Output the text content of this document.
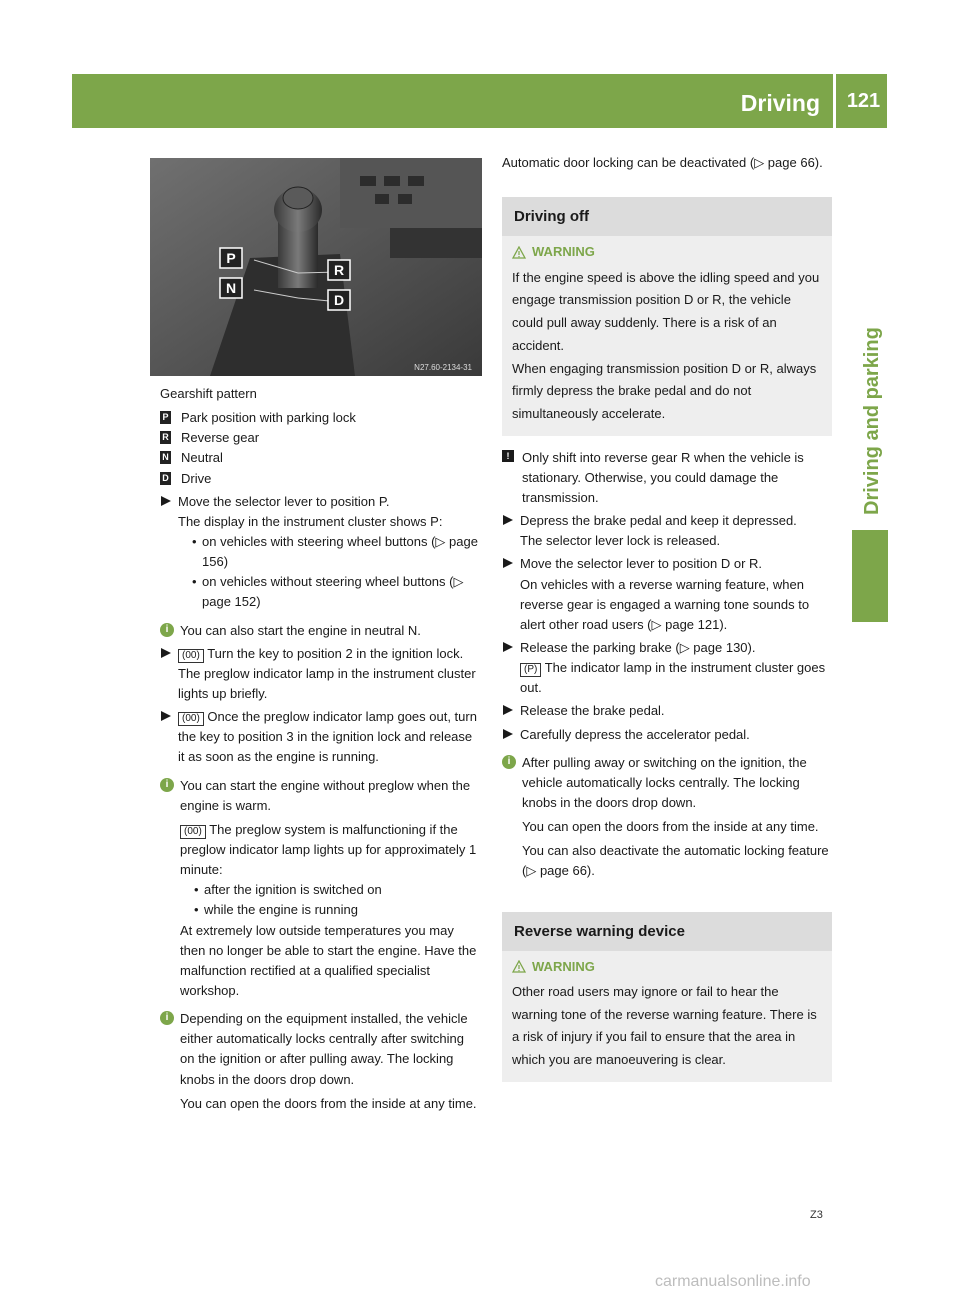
Driving	121
Driving and parking
P
R
N
D
N27.60-2134-31

Gearshift pattern

P Park position with parking lock
R Reverse gear
N Neutral
D Drive
Move the selector lever to position P.
The display in the instrument cluster shows P:
• on vehicles with steering wheel buttons (▷ page 156)
• on vehicles without steering wheel buttons (▷ page 152)
i You can also start the engine in neutral N.
(00) Turn the key to position 2 in the ignition lock. The preglow indicator lamp in the instrument cluster lights up briefly.
(00) Once the preglow indicator lamp goes out, turn the key to position 3 in the ignition lock and release it as soon as the engine is running.
i You can start the engine without preglow when the engine is warm.
(00) The preglow system is malfunctioning if the preglow indicator lamp lights up for approximately 1 minute:
• after the ignition is switched on
• while the engine is running
At extremely low outside temperatures you may then no longer be able to start the engine. Have the malfunction rectified at a qualified specialist workshop.
i Depending on the equipment installed, the vehicle either automatically locks centrally after switching on the ignition or after pulling away. The locking knobs in the doors drop down.
You can open the doors from the inside at any time.

Automatic door locking can be deactivated (▷ page 66).

Driving off
WARNING

If the engine speed is above the idling speed and you engage transmission position D or R, the vehicle could pull away suddenly. There is a risk of an accident.

When engaging transmission position D or R, always firmly depress the brake pedal and do not simultaneously accelerate.

! Only shift into reverse gear R when the vehicle is stationary. Otherwise, you could damage the transmission.
Depress the brake pedal and keep it depressed.
The selector lever lock is released.
Move the selector lever to position D or R.
On vehicles with a reverse warning feature, when reverse gear is engaged a warning tone sounds to alert other road users (▷ page 121).
Release the parking brake (▷ page 130).
(P) The indicator lamp in the instrument cluster goes out.
Release the brake pedal.
Carefully depress the accelerator pedal.
i After pulling away or switching on the ignition, the vehicle automatically locks centrally. The locking knobs in the doors drop down.
You can open the doors from the inside at any time.
You can also deactivate the automatic locking feature (▷ page 66).
Reverse warning device
WARNING

Other road users may ignore or fail to hear the warning tone of the reverse warning feature. There is a risk of injury if you fail to ensure that the area in which you are manoeuvering is clear.

Z3
carmanualsonline.info
